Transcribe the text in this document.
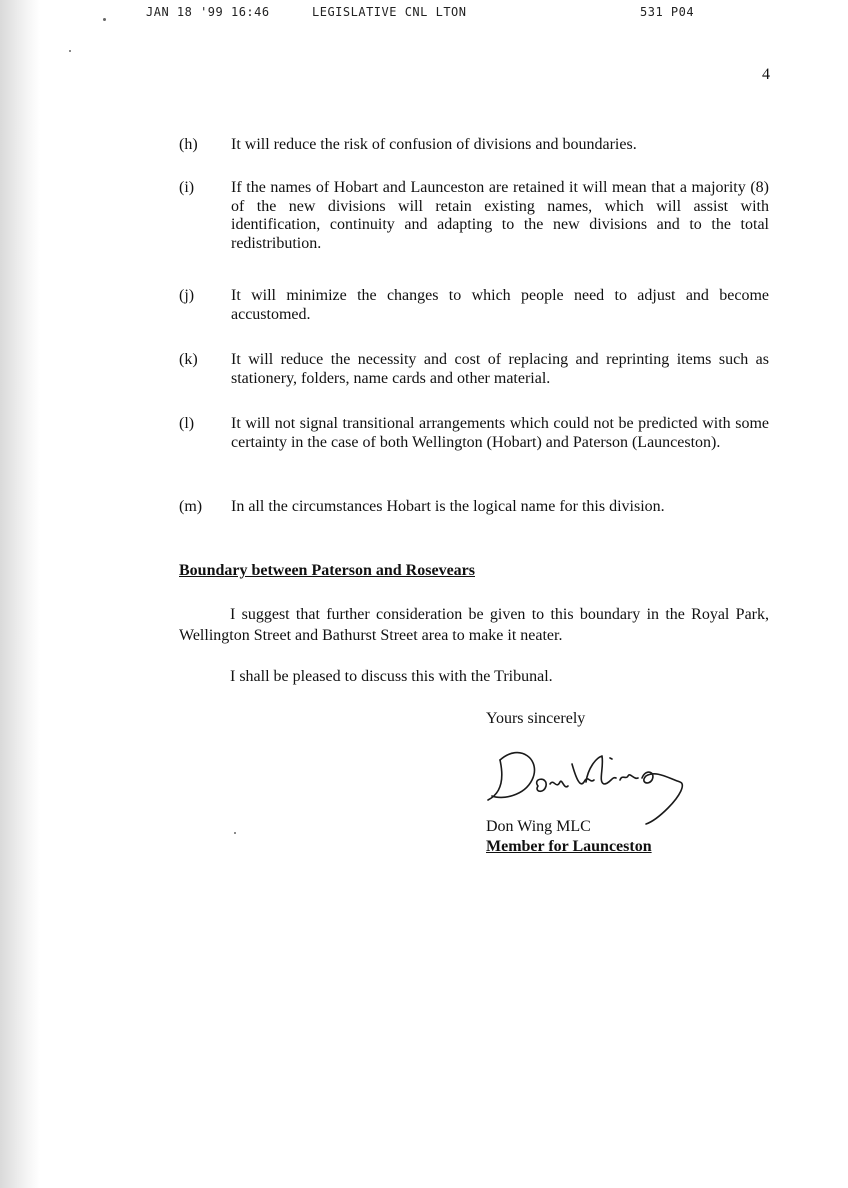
JAN 18 '99 16:46	LEGISLATIVE CNL LTON	531 P04
4
(h) It will reduce the risk of confusion of divisions and boundaries.
(i) If the names of Hobart and Launceston are retained it will mean that a majority (8) of the new divisions will retain existing names, which will assist with identification, continuity and adapting to the new divisions and to the total redistribution.
(j) It will minimize the changes to which people need to adjust and become accustomed.
(k) It will reduce the necessity and cost of replacing and reprinting items such as stationery, folders, name cards and other material.
(l) It will not signal transitional arrangements which could not be predicted with some certainty in the case of both Wellington (Hobart) and Paterson (Launceston).
(m) In all the circumstances Hobart is the logical name for this division.
Boundary between Paterson and Rosevears
I suggest that further consideration be given to this boundary in the Royal Park, Wellington Street and Bathurst Street area to make it neater.
I shall be pleased to discuss this with the Tribunal.
Yours sincerely
Don Wing MLC
Member for Launceston
